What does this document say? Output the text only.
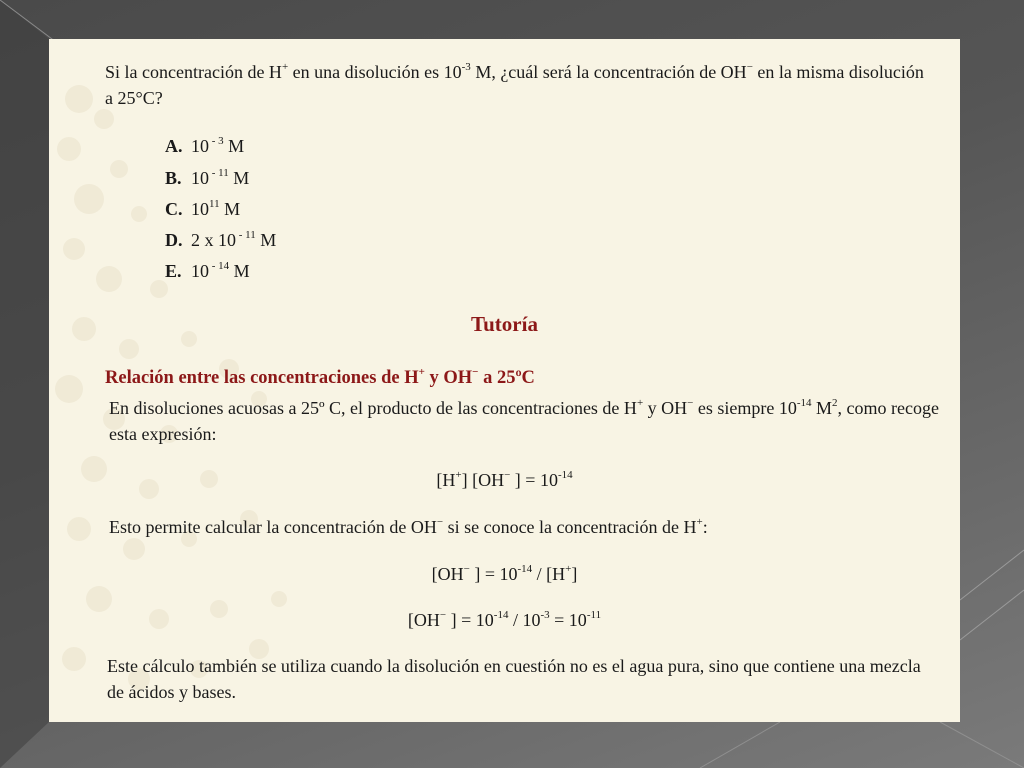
Si la concentración de H+ en una disolución es $10^{-3}$ M, ¿cuál será la concentración de OH− en la misma disolución a 25°C?
A. 10 $^{- 3}$ M
B. 10 $^{- 11}$ M
C. $10^{11}$ M
D. 2 x 10 $^{- 11}$ M
E. 10 $^{- 14}$ M
Tutoría
Relación entre las concentraciones de H+ y OH− a 25ºC
En disoluciones acuosas a 25º C, el producto de las concentraciones de H+ y OH− es siempre $10^{-14}$ $M^2$, como recoge esta expresión:
[H+] [OH− ] = $10^{-14}$
Esto permite calcular la concentración de OH− si se conoce la concentración de H+:
[OH− ] = $10^{-14} / [H^+]$
[OH− ] = $10^{-14} / 10^{-3} = 10^{-11}$
Este cálculo también se utiliza cuando la disolución en cuestión no es el agua pura, sino que contiene una mezcla de ácidos y bases.
